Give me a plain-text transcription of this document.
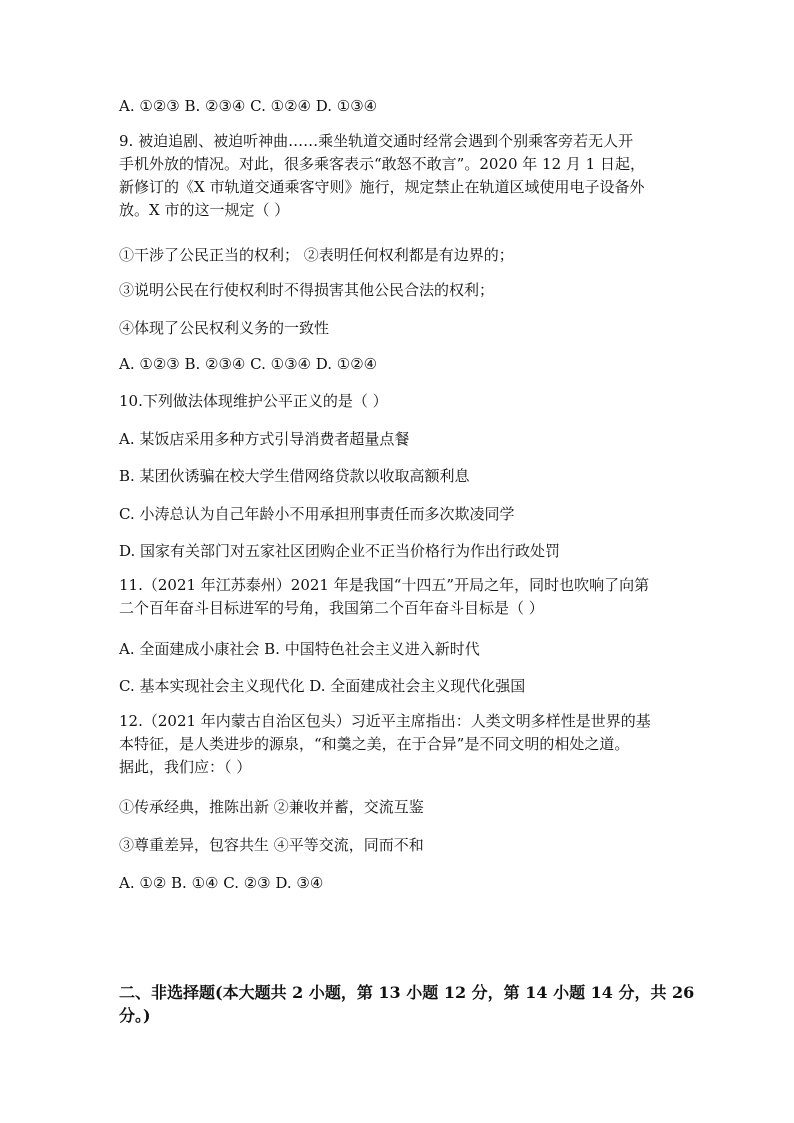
A. ①②③ B. ②③④ C. ①②④ D. ①③④
9. 被迫追剧、被迫听神曲……乘坐轨道交通时经常会遇到个别乘客旁若无人开
手机外放的情况。对此，很多乘客表示“敢怒不敢言”。2020 年 12 月 1 日起，
新修订的《X 市轨道交通乘客守则》施行，规定禁止在轨道区域使用电子设备外
放。X 市的这一规定（ ）
①干涉了公民正当的权利； ②表明任何权利都是有边界的；
③说明公民在行使权利时不得损害其他公民合法的权利；
④体现了公民权利义务的一致性
A. ①②③ B. ②③④ C. ①③④ D. ①②④
10.下列做法体现维护公平正义的是（ ）
A. 某饭店采用多种方式引导消费者超量点餐
B. 某团伙诱骗在校大学生借网络贷款以收取高额利息
C. 小涛总认为自己年龄小不用承担刑事责任而多次欺凌同学
D. 国家有关部门对五家社区团购企业不正当价格行为作出行政处罚
11.（2021 年江苏泰州）2021 年是我国“十四五”开局之年，同时也吹响了向第
二个百年奋斗目标进军的号角，我国第二个百年奋斗目标是（ ）
A. 全面建成小康社会 B. 中国特色社会主义进入新时代
C. 基本实现社会主义现代化 D. 全面建成社会主义现代化强国
12.（2021 年内蒙古自治区包头）习近平主席指出：人类文明多样性是世界的基
本特征，是人类进步的源泉，“和羹之美，在于合异”是不同文明的相处之道。
据此，我们应：（ ）
①传承经典，推陈出新 ②兼收并蓄，交流互鉴
③尊重差异，包容共生 ④平等交流，同而不和
A. ①② B. ①④ C. ②③ D. ③④
二、非选择题(本大题共 2 小题，第 13 小题 12 分，第 14 小题 14 分，共 26
分。)
